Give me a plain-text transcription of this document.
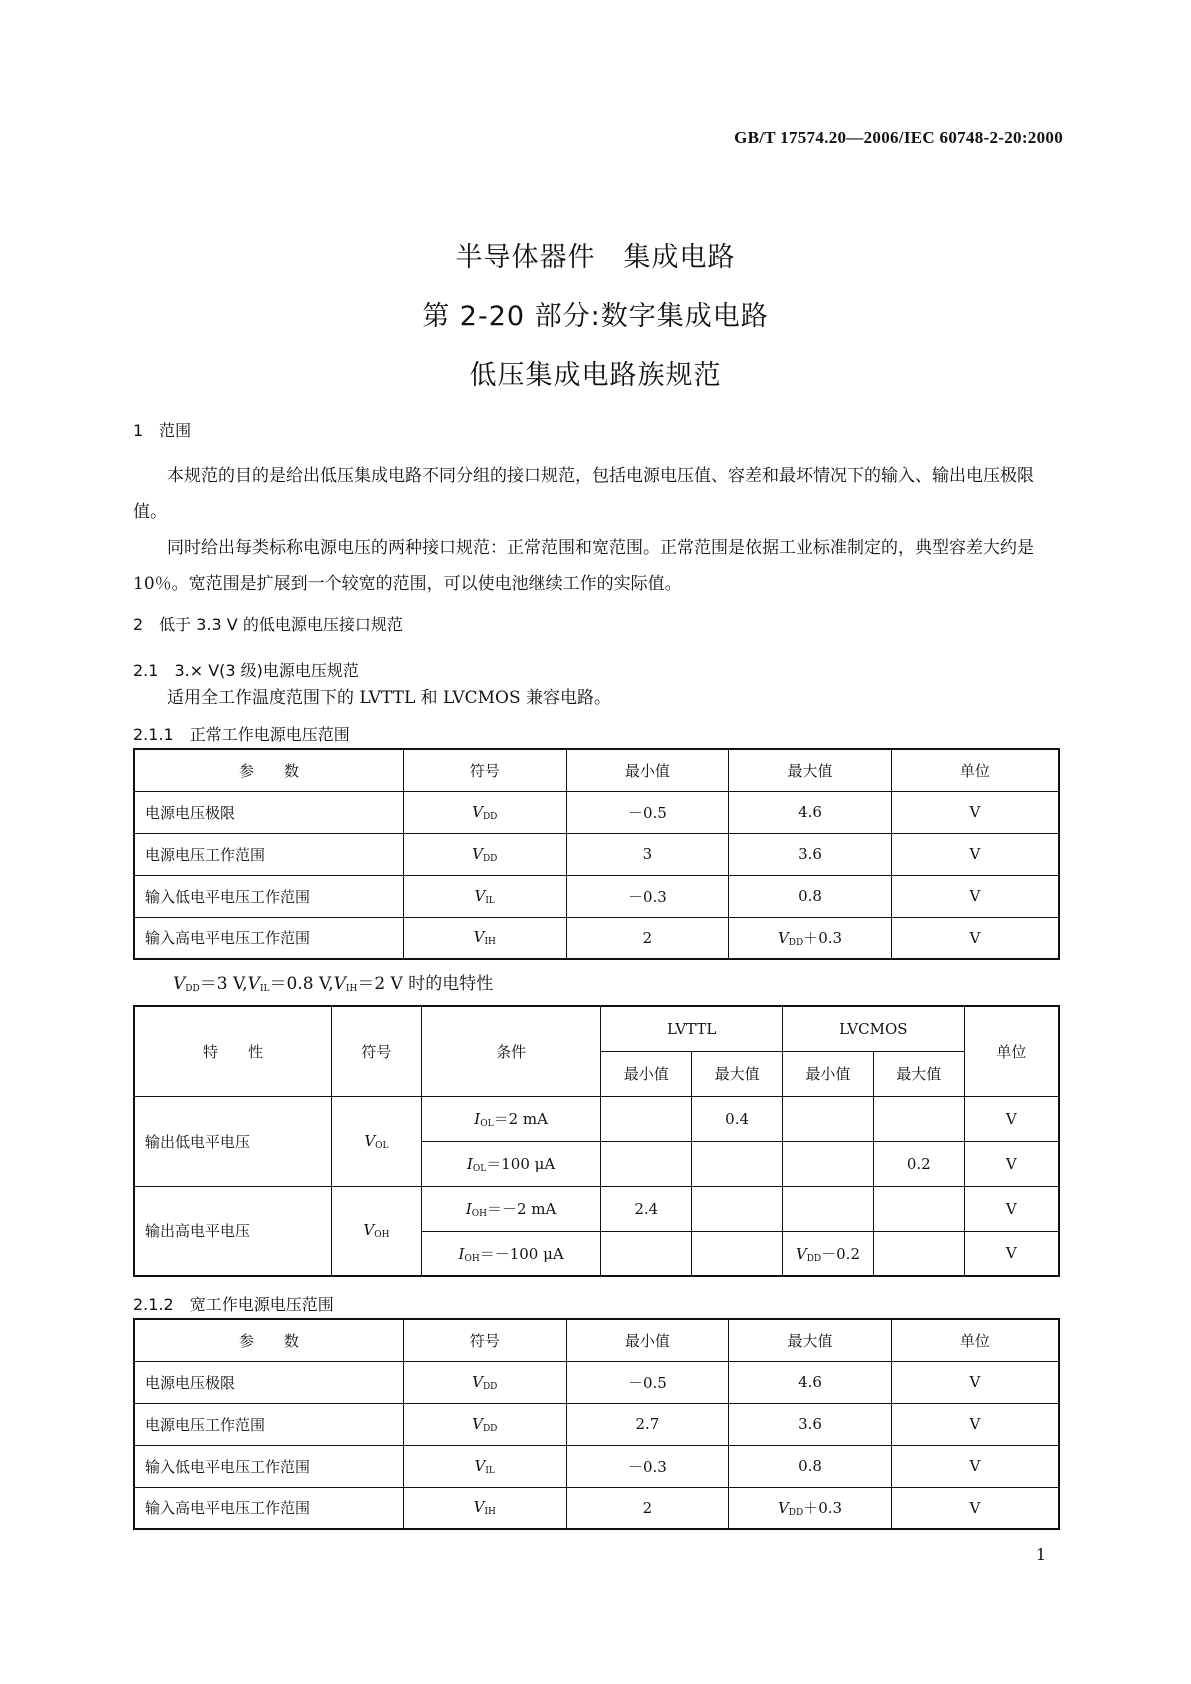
GB/T 17574.20—2006/IEC 60748-2-20:2000
半导体器件　集成电路
第 2-20 部分:数字集成电路
低压集成电路族规范
1　范围
本规范的目的是给出低压集成电路不同分组的接口规范，包括电源电压值、容差和最坏情况下的输入、输出电压极限值。
同时给出每类标称电源电压的两种接口规范：正常范围和宽范围。正常范围是依据工业标准制定的，典型容差大约是 10％。宽范围是扩展到一个较宽的范围，可以使电池继续工作的实际值。
2　低于 3.3 V 的低电源电压接口规范
2.1　3.× V(3 级)电源电压规范
适用全工作温度范围下的 LVTTL 和 LVCMOS 兼容电路。
2.1.1　正常工作电源电压范围
参　　数	符号	最小值	最大值	单位
电源电压极限	$V_{DD}$	－0.5	4.6	V
电源电压工作范围	$V_{DD}$	3	3.6	V
输入低电平电压工作范围	$V_{IL}$	－0.3	0.8	V
输入高电平电压工作范围	$V_{IH}$	2	$V_{DD}+0.3$	V
$V_{DD}=3$ $V,V_{IL}=0.8$ $V,V_{IH}=2$ V 时的电特性
特　　性	符号	条件	LVTTL		LVCMOS		单位
			最小值	最大值	最小值	最大值	
输出低电平电压	$V_{OL}$	$I_{OL}=2$ mA		0.4			V
		$I_{OL}=100$ μA				0.2	V
输出高电平电压	$V_{OH}$	$I_{OH}=-2$ mA	2.4				V
		$I_{OH}=-100$ μA			$V_{DD}-0.2$		V
2.1.2　宽工作电源电压范围
参　　数	符号	最小值	最大值	单位
电源电压极限	$V_{DD}$	－0.5	4.6	V
电源电压工作范围	$V_{DD}$	2.7	3.6	V
输入低电平电压工作范围	$V_{IL}$	－0.3	0.8	V
输入高电平电压工作范围	$V_{IH}$	2	$V_{DD}+0.3$	V
1
